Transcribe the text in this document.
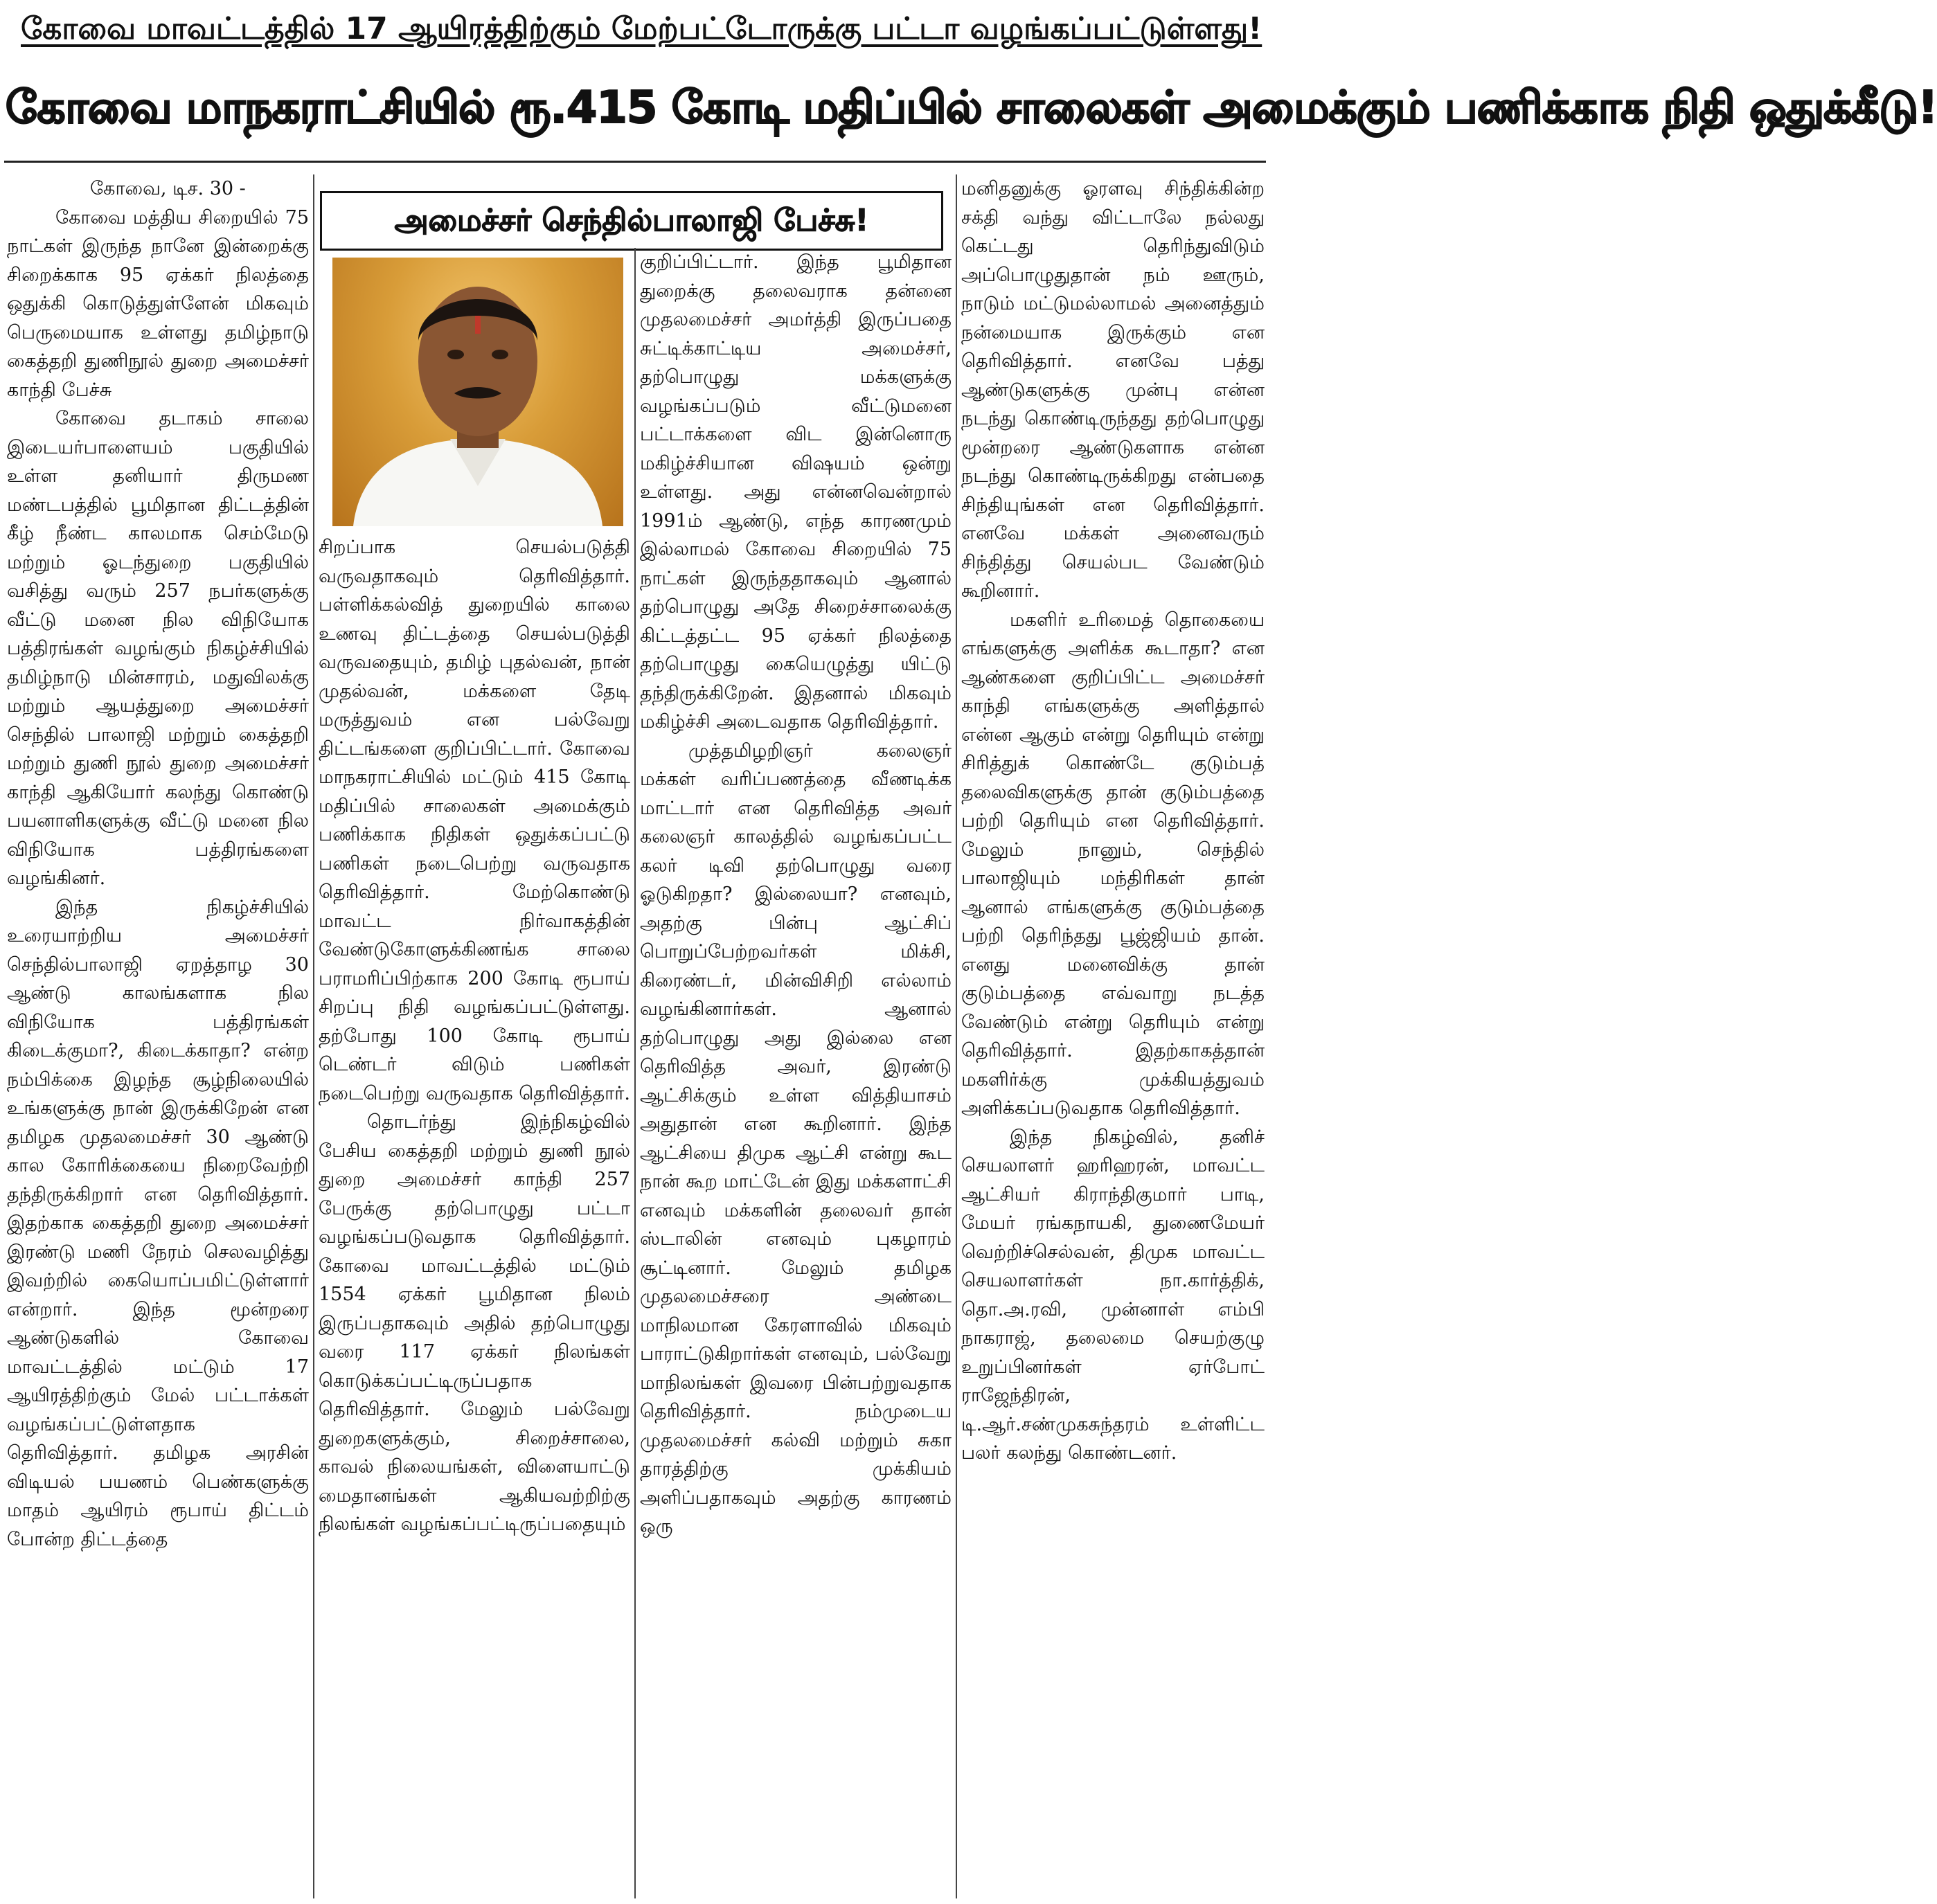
கோவை மாவட்டத்தில் 17 ஆயிரத்திற்கும் மேற்பட்டோருக்கு பட்டா வழங்கப்பட்டுள்ளது!
கோவை மாநகராட்சியில் ரூ.415 கோடி மதிப்பில் சாலைகள் அமைக்கும் பணிக்காக நிதி ஒதுக்கீடு!
அமைச்சர் செந்தில்பாலாஜி பேச்சு!

கோவை, டிச. 30 -

கோவை மத்திய சிறையில் 75 நாட்கள் இருந்த நானே இன்றைக்கு சிறைக்காக 95 ஏக்கர் நிலத்தை ஒதுக்கி கொடுத்துள்ளேன் மிகவும் பெருமையாக உள்ளது தமிழ்நாடு கைத்தறி துணிநூல் துறை அமைச்சர் காந்தி பேச்சு

கோவை தடாகம் சாலை இடையர்பாளையம் பகுதியில் உள்ள தனியார் திருமண மண்டபத்தில் பூமிதான திட்டத்தின் கீழ் நீண்ட காலமாக செம்மேடு மற்றும் ஓடந்துறை பகுதியில் வசித்து வரும் 257 நபர்களுக்கு வீட்டு மனை நில விநியோக பத்திரங்கள் வழங்கும் நிகழ்ச்சியில் தமிழ்நாடு மின்சாரம், மதுவிலக்கு மற்றும் ஆயத்துறை அமைச்சர் செந்தில் பாலாஜி மற்றும் கைத்தறி மற்றும் துணி நூல் துறை அமைச்சர் காந்தி ஆகியோர் கலந்து கொண்டு பயனாளிகளுக்கு வீட்டு மனை நில விநியோக பத்திரங்களை வழங்கினர்.

இந்த நிகழ்ச்சியில் உரையாற்றிய அமைச்சர் செந்தில்பாலாஜி ஏறத்தாழ 30 ஆண்டு காலங்களாக நில விநியோக பத்திரங்கள் கிடைக்குமா?, கிடைக்காதா? என்ற நம்பிக்கை இழந்த சூழ்நிலையில் உங்களுக்கு நான் இருக்கிறேன் என தமிழக முதலமைச்சர் 30 ஆண்டு கால கோரிக்கையை நிறைவேற்றி தந்திருக்கிறார் என தெரிவித்தார். இதற்காக கைத்தறி துறை அமைச்சர் இரண்டு மணி நேரம் செலவழித்து இவற்றில் கையொப்பமிட்டுள்ளார் என்றார். இந்த மூன்றரை ஆண்டுகளில் கோவை மாவட்டத்தில் மட்டும் 17 ஆயிரத்திற்கும் மேல் பட்டாக்கள் வழங்கப்பட்டுள்ளதாக தெரிவித்தார். தமிழக அரசின் விடியல் பயணம் பெண்களுக்கு மாதம் ஆயிரம் ரூபாய் திட்டம் போன்ற திட்டத்தை

சிறப்பாக செயல்படுத்தி வருவதாகவும் தெரிவித்தார். பள்ளிக்கல்வித் துறையில் காலை உணவு திட்டத்தை செயல்படுத்தி வருவதையும், தமிழ் புதல்வன், நான் முதல்வன், மக்களை தேடி மருத்துவம் என பல்வேறு திட்டங்களை குறிப்பிட்டார். கோவை மாநகராட்சியில் மட்டும் 415 கோடி மதிப்பில் சாலைகள் அமைக்கும் பணிக்காக நிதிகள் ஒதுக்கப்பட்டு பணிகள் நடைபெற்று வருவதாக தெரிவித்தார். மேற்கொண்டு மாவட்ட நிர்வாகத்தின் வேண்டுகோளுக்கிணங்க சாலை பராமரிப்பிற்காக 200 கோடி ரூபாய் சிறப்பு நிதி வழங்கப்பட்டுள்ளது. தற்போது 100 கோடி ரூபாய் டெண்டர் விடும் பணிகள் நடைபெற்று வருவதாக தெரிவித்தார்.

தொடர்ந்து இந்நிகழ்வில் பேசிய கைத்தறி மற்றும் துணி நூல் துறை அமைச்சர் காந்தி 257 பேருக்கு தற்பொழுது பட்டா வழங்கப்படுவதாக தெரிவித்தார். கோவை மாவட்டத்தில் மட்டும் 1554 ஏக்கர் பூமிதான நிலம் இருப்பதாகவும் அதில் தற்பொழுது வரை 117 ஏக்கர் நிலங்கள் கொடுக்கப்பட்டிருப்பதாக தெரிவித்தார். மேலும் பல்வேறு துறைகளுக்கும், சிறைச்சாலை, காவல் நிலையங்கள், விளையாட்டு மைதானங்கள் ஆகியவற்றிற்கு நிலங்கள் வழங்கப்பட்டிருப்பதையும்

குறிப்பிட்டார். இந்த பூமிதான துறைக்கு தலைவராக தன்னை முதலமைச்சர் அமர்த்தி இருப்பதை சுட்டிக்காட்டிய அமைச்சர், தற்பொழுது மக்களுக்கு வழங்கப்படும் வீட்டுமனை பட்டாக்களை விட இன்னொரு மகிழ்ச்சியான விஷயம் ஒன்று உள்ளது. அது என்னவென்றால் 1991ம் ஆண்டு, எந்த காரணமும் இல்லாமல் கோவை சிறையில் 75 நாட்கள் இருந்ததாகவும் ஆனால் தற்பொழுது அதே சிறைச்சாலைக்கு கிட்டத்தட்ட 95 ஏக்கர் நிலத்தை தற்பொழுது கையெழுத்து யிட்டு தந்திருக்கிறேன். இதனால் மிகவும் மகிழ்ச்சி அடைவதாக தெரிவித்தார்.

முத்தமிழறிஞர் கலைஞர் மக்கள் வரிப்பணத்தை வீணடிக்க மாட்டார் என தெரிவித்த அவர் கலைஞர் காலத்தில் வழங்கப்பட்ட கலர் டிவி தற்பொழுது வரை ஓடுகிறதா? இல்லையா? எனவும், அதற்கு பின்பு ஆட்சிப் பொறுப்பேற்றவர்கள் மிக்சி, கிரைண்டர், மின்விசிறி எல்லாம் வழங்கினார்கள். ஆனால் தற்பொழுது அது இல்லை என தெரிவித்த அவர், இரண்டு ஆட்சிக்கும் உள்ள வித்தியாசம் அதுதான் என கூறினார். இந்த ஆட்சியை திமுக ஆட்சி என்று கூட நான் கூற மாட்டேன் இது மக்களாட்சி எனவும் மக்களின் தலைவர் தான் ஸ்டாலின் எனவும் புகழாரம் சூட்டினார். மேலும் தமிழக முதலமைச்சரை அண்டை மாநிலமான கேரளாவில் மிகவும் பாராட்டுகிறார்கள் எனவும், பல்வேறு மாநிலங்கள் இவரை பின்பற்றுவதாக தெரிவித்தார். நம்முடைய முதலமைச்சர் கல்வி மற்றும் சுகா தாரத்திற்கு முக்கியம் அளிப்பதாகவும் அதற்கு காரணம் ஒரு

மனிதனுக்கு ஓரளவு சிந்திக்கின்ற சக்தி வந்து விட்டாலே நல்லது கெட்டது தெரிந்துவிடும் அப்பொழுதுதான் நம் ஊரும், நாடும் மட்டுமல்லாமல் அனைத்தும் நன்மையாக இருக்கும் என தெரிவித்தார். எனவே பத்து ஆண்டுகளுக்கு முன்பு என்ன நடந்து கொண்டிருந்தது தற்பொழுது மூன்றரை ஆண்டுகளாக என்ன நடந்து கொண்டிருக்கிறது என்பதை சிந்தியுங்கள் என தெரிவித்தார். எனவே மக்கள் அனைவரும் சிந்தித்து செயல்பட வேண்டும் கூறினார்.

மகளிர் உரிமைத் தொகையை எங்களுக்கு அளிக்க கூடாதா? என ஆண்களை குறிப்பிட்ட அமைச்சர் காந்தி எங்களுக்கு அளித்தால் என்ன ஆகும் என்று தெரியும் என்று சிரித்துக் கொண்டே குடும்பத் தலைவிகளுக்கு தான் குடும்பத்தை பற்றி தெரியும் என தெரிவித்தார். மேலும் நானும், செந்தில் பாலாஜியும் மந்திரிகள் தான் ஆனால் எங்களுக்கு குடும்பத்தை பற்றி தெரிந்தது பூஜ்ஜியம் தான். எனது மனைவிக்கு தான் குடும்பத்தை எவ்வாறு நடத்த வேண்டும் என்று தெரியும் என்று தெரிவித்தார். இதற்காகத்தான் மகளிர்க்கு முக்கியத்துவம் அளிக்கப்படுவதாக தெரிவித்தார்.

இந்த நிகழ்வில், தனிச் செயலாளர் ஹரிஹரன், மாவட்ட ஆட்சியர் கிராந்திகுமார் பாடி, மேயர் ரங்கநாயகி, துணைமேயர் வெற்றிச்செல்வன், திமுக மாவட்ட செயலாளர்கள் நா.கார்த்திக், தொ.அ.ரவி, முன்னாள் எம்பி நாகராஜ், தலைமை செயற்குழு உறுப்பினர்கள் ஏர்போட் ராஜேந்திரன், டி.ஆர்.சண்முகசுந்தரம் உள்ளிட்ட பலர் கலந்து கொண்டனர்.
